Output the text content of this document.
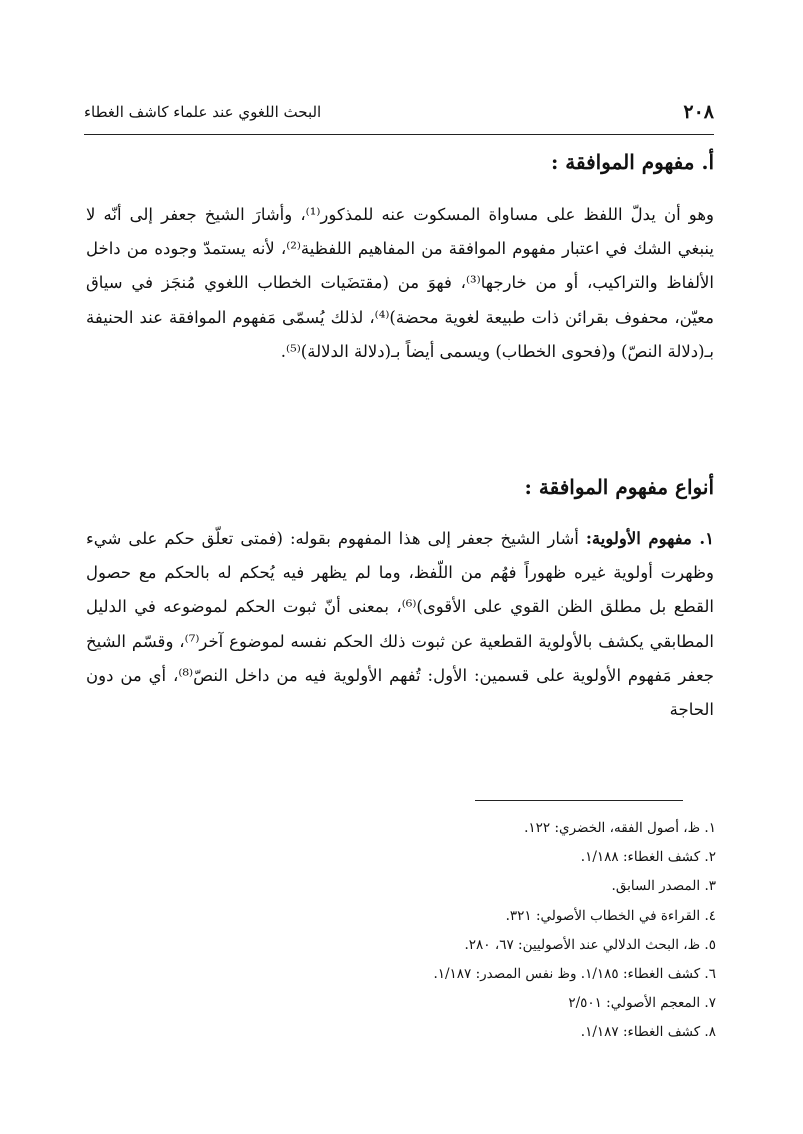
٢٠٨
البحث اللغوي عند علماء كاشف الغطاء
أ. مفهوم الموافقة :

وهو أن يدلّ اللفظ على مساواة المسكوت عنه للمذكور⁽¹⁾، وأشارَ الشيخ جعفر إلى أنّه لا ينبغي الشك في اعتبار مفهوم الموافقة من المفاهيم اللفظية⁽²⁾، لأنه يستمدّ وجوده من داخل الألفاظ والتراكيب، أو من خارجها⁽³⁾، فهوَ من (مقتضَيات الخطاب اللغوي مُنجَز في سياق معيّن، محفوف بقرائن ذات طبيعة لغوية محضة)⁽⁴⁾، لذلك يُسمّى مَفهوم الموافقة عند الحنيفة بـ(دلالة النصّ) و(فحوى الخطاب) ويسمى أيضاً بـ(دلالة الدلالة)⁽⁵⁾.

أنواع مفهوم الموافقة :

١. مفهوم الأولوية: أشار الشيخ جعفر إلى هذا المفهوم بقوله: (فمتى تعلّق حكم على شيء وظهرت أولوية غيره ظهوراً فهُم من اللّفظ، وما لم يظهر فيه يُحكم له بالحكم مع حصول القطع بل مطلق الظن القوي على الأقوى)⁽⁶⁾، بمعنى أنّ ثبوت الحكم لموضوعه في الدليل المطابقي يكشف بالأولوية القطعية عن ثبوت ذلك الحكم نفسه لموضوع آخر⁽⁷⁾، وقسّم الشيخ جعفر مَفهوم الأولوية على قسمين: الأول: تُفهم الأولوية فيه من داخل النصّ⁽⁸⁾، أي من دون الحاجة

١. ظ، أصول الفقه، الخضري: ١٢٢.
٢. كشف الغطاء: ١/١٨٨.
٣. المصدر السابق.
٤. القراءة في الخطاب الأصولي: ٣٢١.
٥. ظ، البحث الدلالي عند الأصوليين: ٦٧، ٢٨٠.
٦. كشف الغطاء: ١/١٨٥. وظ نفس المصدر: ١/١٨٧.
٧. المعجم الأصولي: ٢/٥٠١
٨. كشف الغطاء: ١/١٨٧.
